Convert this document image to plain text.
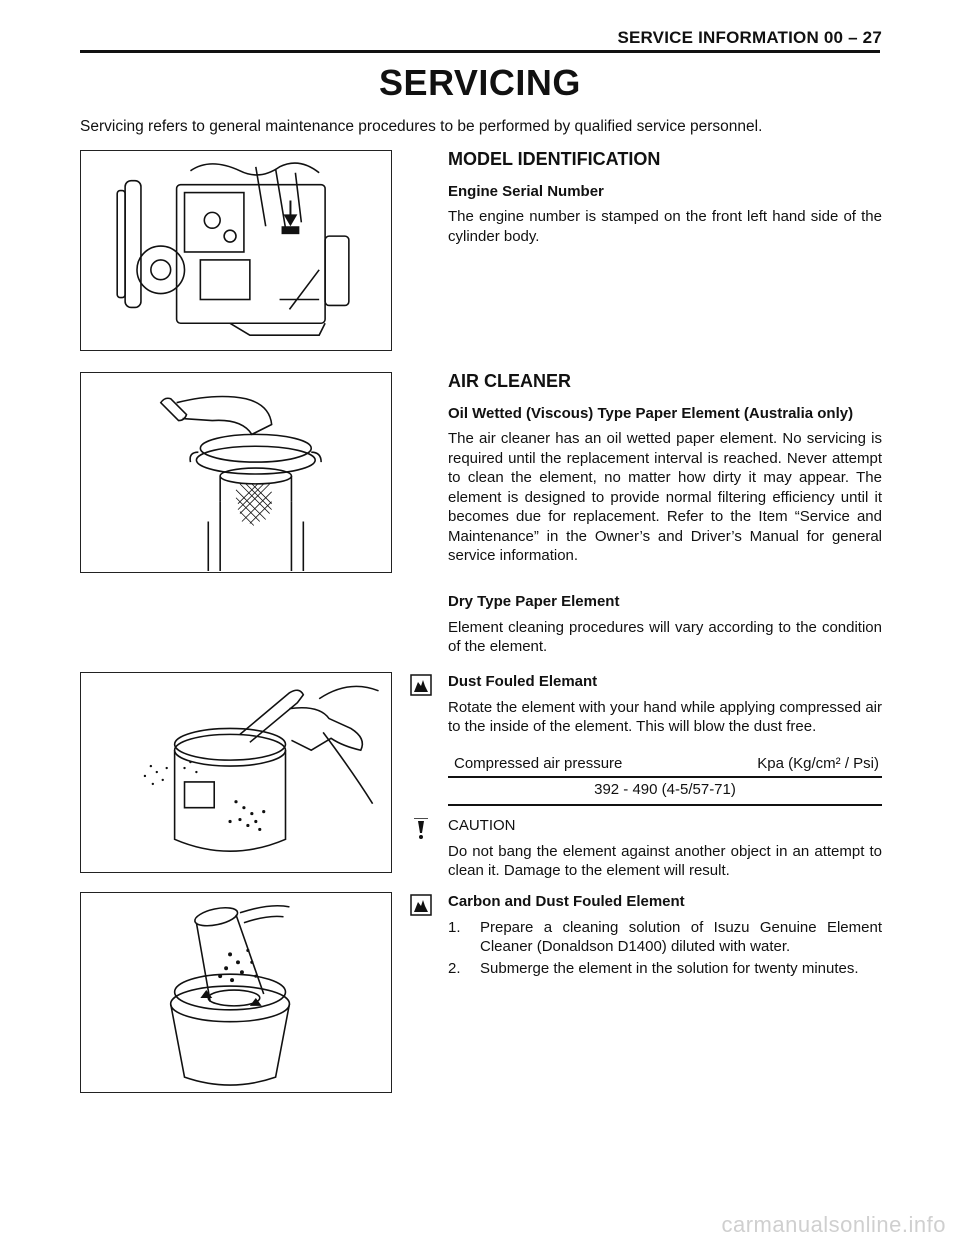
SERVICE INFORMATION 00 – 27
SERVICING
Servicing refers to general maintenance procedures to be performed by qualified service personnel.
MODEL IDENTIFICATION
Engine Serial Number

The engine number is stamped on the front left hand side of the cylinder body.

AIR CLEANER
Oil Wetted (Viscous) Type Paper Element (Australia only)

The air cleaner has an oil wetted paper element. No servicing is required until the replacement interval is reached. Never attempt to clean the element, no matter how dirty it may appear. The element is designed to provide normal filtering efficiency until it becomes due for replacement. Refer to the Item “Service and Maintenance” in the Owner’s and Driver’s Manual for general service information.

Dry Type Paper Element

Element cleaning procedures will vary according to the condition of the element.

Dust Fouled Elemant

Rotate the element with your hand while applying compressed air to the inside of the element. This will blow the dust free.

Compressed air pressure	Kpa (Kg/cm² / Psi)
392 - 490 (4-5/57-71)
CAUTION

Do not bang the element against another object in an attempt to clean it. Damage to the element will result.

Carbon and Dust Fouled Element
1. Prepare a cleaning solution of Isuzu Genuine Element Cleaner (Donaldson D1400) diluted with water.
2. Submerge the element in the solution for twenty minutes.
carmanualsonline.info
